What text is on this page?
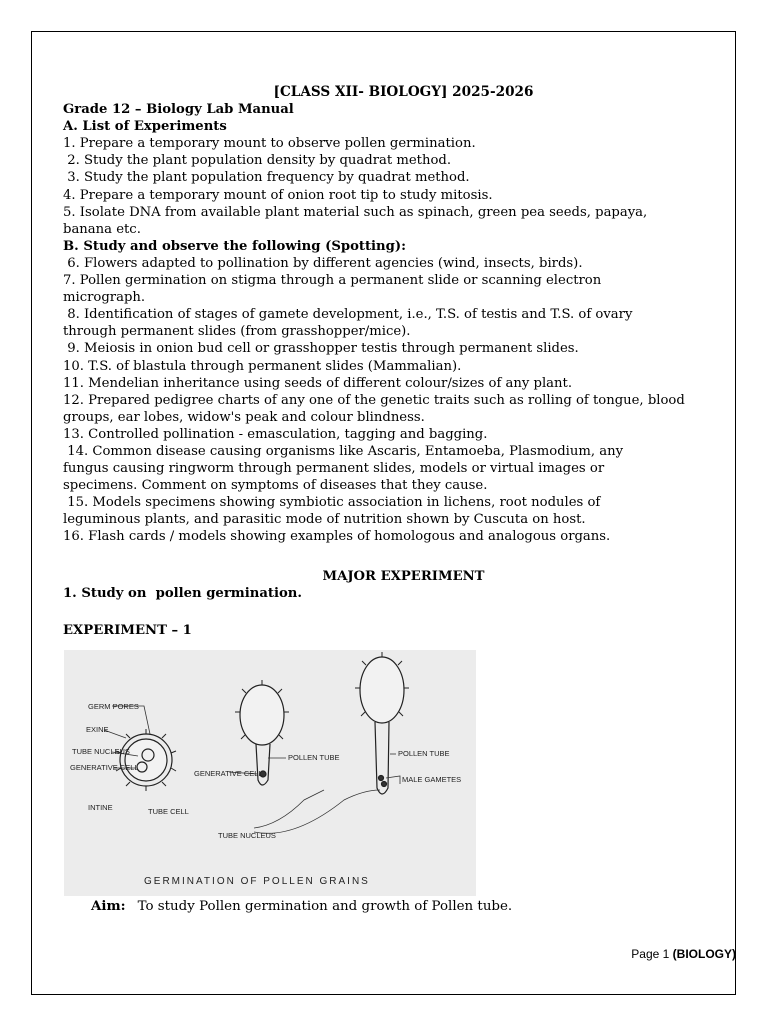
[CLASS XII- BIOLOGY] 2025-2026
Grade 12 – Biology Lab Manual
A. List of Experiments
1. Prepare a temporary mount to observe pollen germination.
2. Study the plant population density by quadrat method.
3. Study the plant population frequency by quadrat method.
4. Prepare a temporary mount of onion root tip to study mitosis.
5. Isolate DNA from available plant material such as spinach, green pea seeds, papaya,
banana etc.
B. Study and observe the following (Spotting):
6. Flowers adapted to pollination by different agencies (wind, insects, birds).
7. Pollen germination on stigma through a permanent slide or scanning electron
micrograph.
8. Identification of stages of gamete development, i.e., T.S. of testis and T.S. of ovary
through permanent slides (from grasshopper/mice).
9. Meiosis in onion bud cell or grasshopper testis through permanent slides.
10. T.S. of blastula through permanent slides (Mammalian).
11. Mendelian inheritance using seeds of different colour/sizes of any plant.
12. Prepared pedigree charts of any one of the genetic traits such as rolling of tongue, blood
groups, ear lobes, widow's peak and colour blindness.
13. Controlled pollination - emasculation, tagging and bagging.
14. Common disease causing organisms like Ascaris, Entamoeba, Plasmodium, any
fungus causing ringworm through permanent slides, models or virtual images or
specimens. Comment on symptoms of diseases that they cause.
15. Models specimens showing symbiotic association in lichens, root nodules of
leguminous plants, and parasitic mode of nutrition shown by Cuscuta on host.
16. Flash cards / models showing examples of homologous and analogous organs.
MAJOR EXPERIMENT
1. Study on  pollen germination.
EXPERIMENT – 1
GERM PORES
EXINE
TUBE NUCLEUS
GENERATIVE CELL
INTINE	TUBE CELL
GENERATIVE CELL
POLLEN TUBE	POLLEN TUBE
MALE GAMETES
TUBE NUCLEUS
GERMINATION OF POLLEN GRAINS
Aim: To study Pollen germination and growth of Pollen tube.
Page 1 (BIOLOGY)
